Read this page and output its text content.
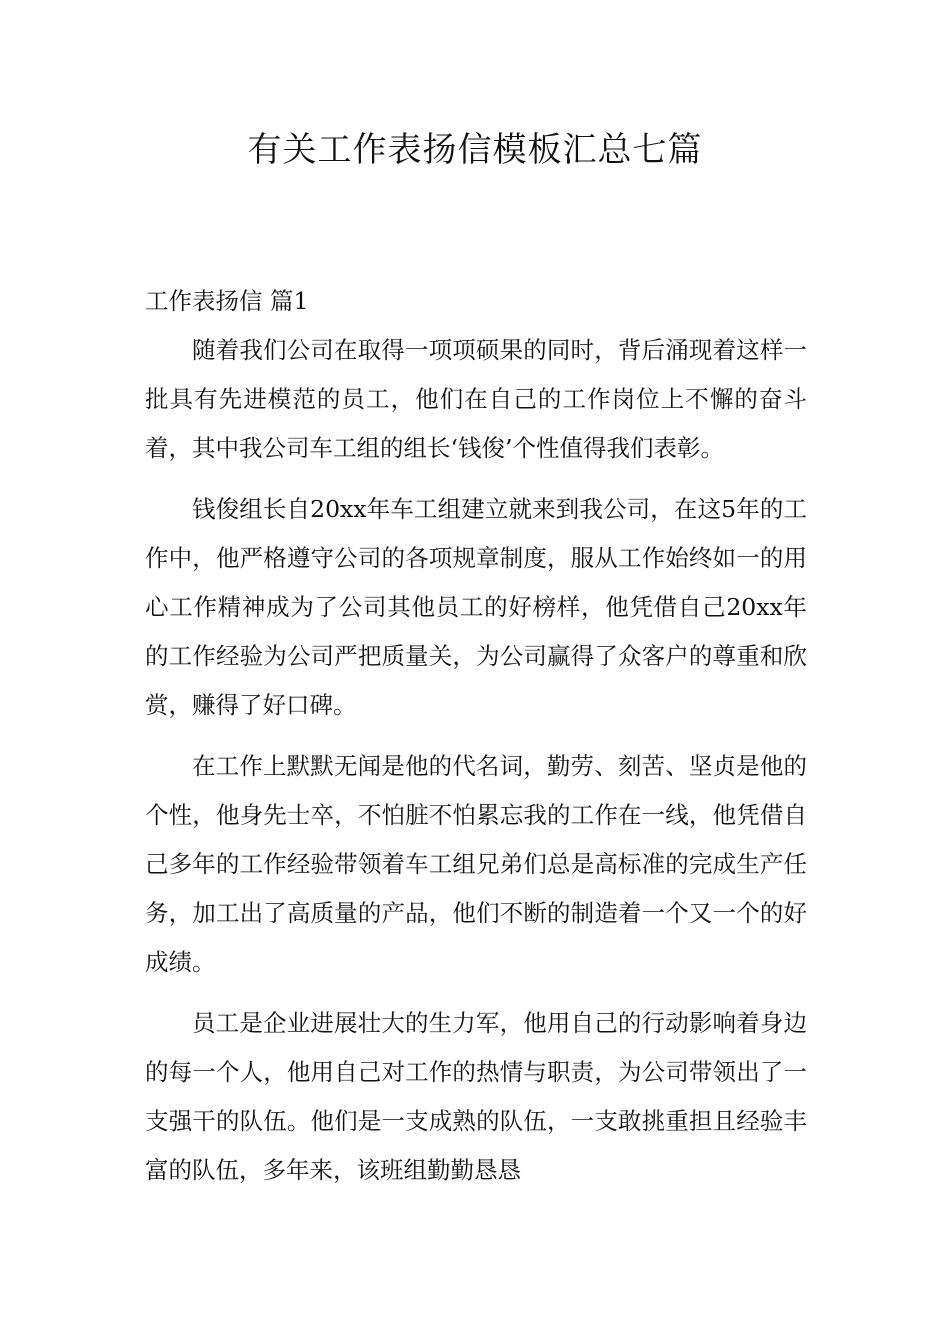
有关工作表扬信模板汇总七篇

工作表扬信 篇1

随着我们公司在取得一项项硕果的同时，背后涌现着这样一批具有先进模范的员工，他们在自己的工作岗位上不懈的奋斗着，其中我公司车工组的组长‘钱俊’个性值得我们表彰。

钱俊组长自20xx年车工组建立就来到我公司，在这5年的工作中，他严格遵守公司的各项规章制度，服从工作始终如一的用心工作精神成为了公司其他员工的好榜样，他凭借自己20xx年的工作经验为公司严把质量关，为公司赢得了众客户的尊重和欣赏，赚得了好口碑。

在工作上默默无闻是他的代名词，勤劳、刻苦、坚贞是他的个性，他身先士卒，不怕脏不怕累忘我的工作在一线，他凭借自己多年的工作经验带领着车工组兄弟们总是高标准的完成生产任务，加工出了高质量的产品，他们不断的制造着一个又一个的好成绩。

员工是企业进展壮大的生力军，他用自己的行动影响着身边的每一个人，他用自己对工作的热情与职责，为公司带领出了一支强干的队伍。他们是一支成熟的队伍，一支敢挑重担且经验丰富的队伍，多年来，该班组勤勤恳恳
